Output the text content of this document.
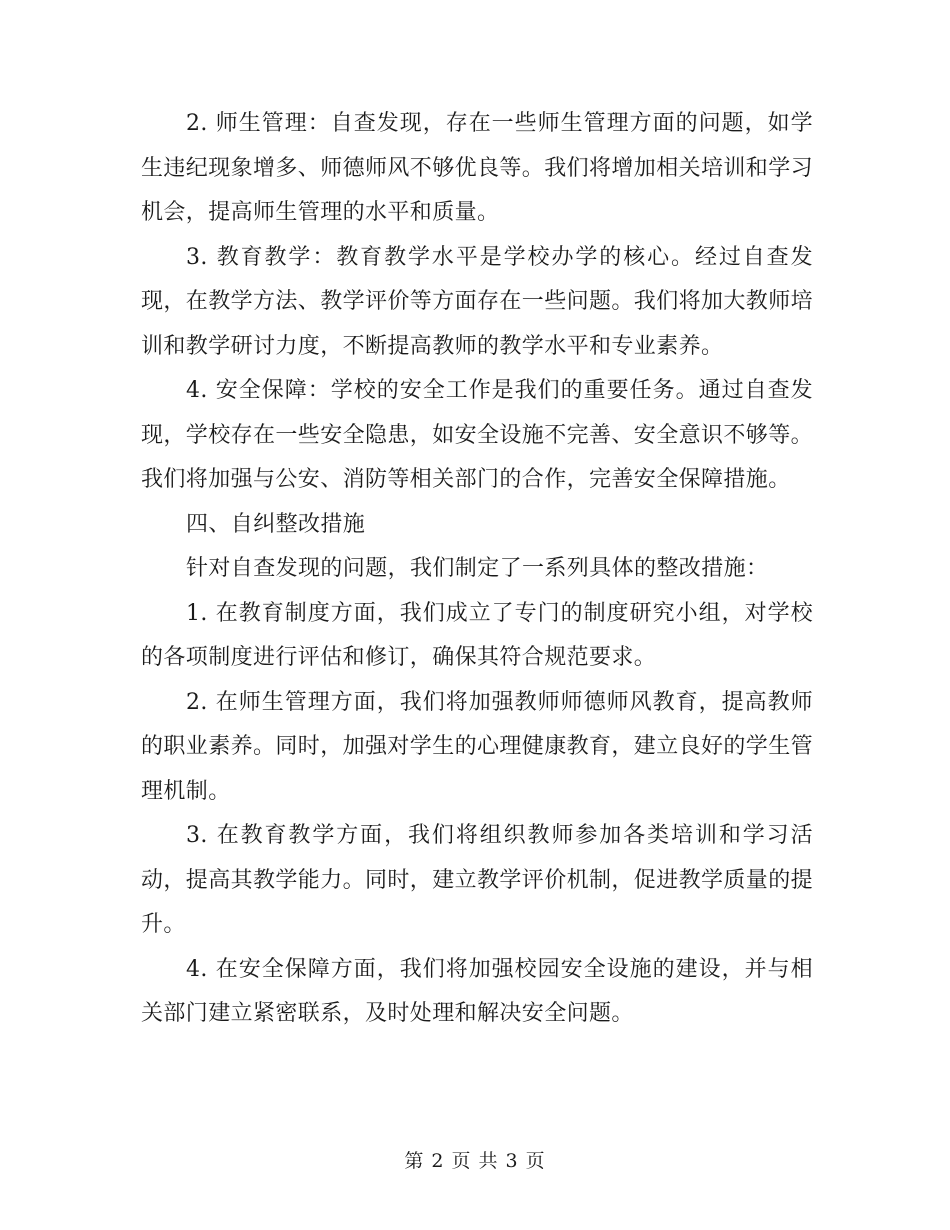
2. 师生管理：自查发现，存在一些师生管理方面的问题，如学生违纪现象增多、师德师风不够优良等。我们将增加相关培训和学习机会，提高师生管理的水平和质量。

3. 教育教学：教育教学水平是学校办学的核心。经过自查发现，在教学方法、教学评价等方面存在一些问题。我们将加大教师培训和教学研讨力度，不断提高教师的教学水平和专业素养。

4. 安全保障：学校的安全工作是我们的重要任务。通过自查发现，学校存在一些安全隐患，如安全设施不完善、安全意识不够等。我们将加强与公安、消防等相关部门的合作，完善安全保障措施。

四、自纠整改措施

针对自查发现的问题，我们制定了一系列具体的整改措施：

1. 在教育制度方面，我们成立了专门的制度研究小组，对学校的各项制度进行评估和修订，确保其符合规范要求。

2. 在师生管理方面，我们将加强教师师德师风教育，提高教师的职业素养。同时，加强对学生的心理健康教育，建立良好的学生管理机制。

3. 在教育教学方面，我们将组织教师参加各类培训和学习活动，提高其教学能力。同时，建立教学评价机制，促进教学质量的提升。

4. 在安全保障方面，我们将加强校园安全设施的建设，并与相关部门建立紧密联系，及时处理和解决安全问题。

第 2 页 共 3 页
